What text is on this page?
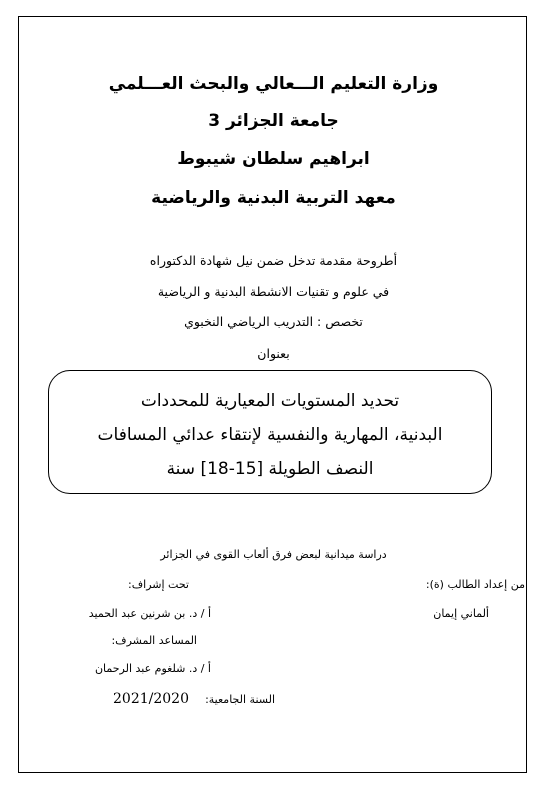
وزارة التعليم الـــعالي والبحث العـــلمي
جامعة الجزائر 3
ابراهيم سلطان شيبوط
معهد التربية البدنية والرياضية
أطروحة مقدمة تدخل ضمن نيل شهادة الدكتوراه
في علوم و تقنيات الانشطة البدنية و الرياضية
تخصص : التدريب الرياضي النخبوي
بعنوان
تحديد المستويات المعيارية للمحددات
البدنية، المهارية والنفسية لإنتقاء عدائي المسافات
النصف الطويلة [15-18] سنة
دراسة ميدانية لبعض فرق ألعاب القوى في الجزائر
من إعداد الطالب (ة):
تحت إشراف:
ألماني إيمان
أ / د. بن شرنين عبد الحميد
المساعد المشرف:
أ / د. شلغوم عبد الرحمان
السنة الجامعية:
2021/2020
